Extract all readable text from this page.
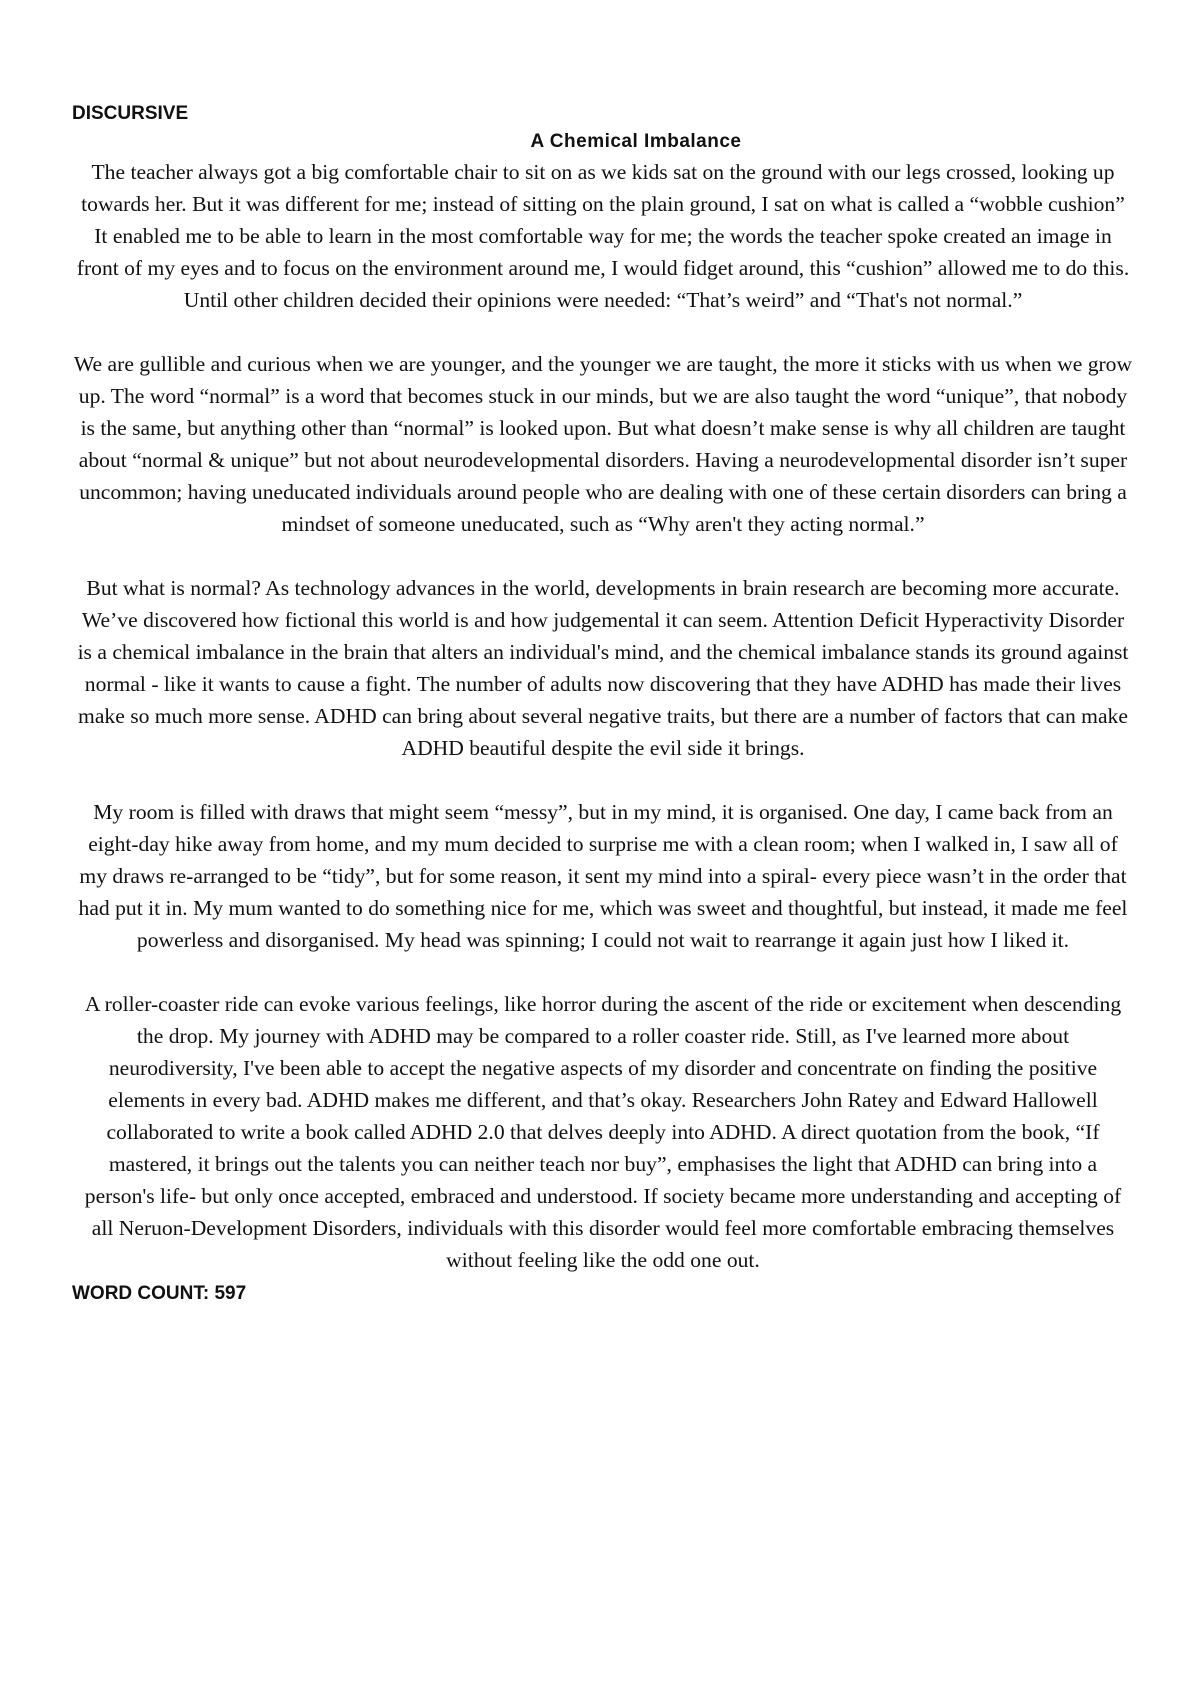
DISCURSIVE

A Chemical Imbalance

The teacher always got a big comfortable chair to sit on as we kids sat on the ground with our legs crossed, looking up towards her. But it was different for me; instead of sitting on the plain ground, I sat on what is called a “wobble cushion” It enabled me to be able to learn in the most comfortable way for me; the words the teacher spoke created an image in front of my eyes and to focus on the environment around me, I would fidget around, this “cushion” allowed me to do this. Until other children decided their opinions were needed: “That’s weird” and “That's not normal.”

We are gullible and curious when we are younger, and the younger we are taught, the more it sticks with us when we grow up. The word “normal” is a word that becomes stuck in our minds, but we are also taught the word “unique”, that nobody is the same, but anything other than “normal” is looked upon. But what doesn’t make sense is why all children are taught about “normal & unique” but not about neurodevelopmental disorders. Having a neurodevelopmental disorder isn’t super uncommon; having uneducated individuals around people who are dealing with one of these certain disorders can bring a mindset of someone uneducated, such as “Why aren't they acting normal.”

But what is normal? As technology advances in the world, developments in brain research are becoming more accurate. We’ve discovered how fictional this world is and how judgemental it can seem. Attention Deficit Hyperactivity Disorder is a chemical imbalance in the brain that alters an individual's mind, and the chemical imbalance stands its ground against normal - like it wants to cause a fight. The number of adults now discovering that they have ADHD has made their lives make so much more sense. ADHD can bring about several negative traits, but there are a number of factors that can make ADHD beautiful despite the evil side it brings.

My room is filled with draws that might seem “messy”, but in my mind, it is organised. One day, I came back from an eight-day hike away from home, and my mum decided to surprise me with a clean room; when I walked in, I saw all of my draws re-arranged to be “tidy”, but for some reason, it sent my mind into a spiral- every piece wasn’t in the order that had put it in. My mum wanted to do something nice for me, which was sweet and thoughtful, but instead, it made me feel powerless and disorganised. My head was spinning; I could not wait to rearrange it again just how I liked it.

A roller-coaster ride can evoke various feelings, like horror during the ascent of the ride or excitement when descending the drop. My journey with ADHD may be compared to a roller coaster ride. Still, as I've learned more about neurodiversity, I've been able to accept the negative aspects of my disorder and concentrate on finding the positive elements in every bad. ADHD makes me different, and that’s okay. Researchers John Ratey and Edward Hallowell collaborated to write a book called ADHD 2.0 that delves deeply into ADHD. A direct quotation from the book, “If mastered, it brings out the talents you can neither teach nor buy”, emphasises the light that ADHD can bring into a person's life- but only once accepted, embraced and understood. If society became more understanding and accepting of all Neruon-Development Disorders, individuals with this disorder would feel more comfortable embracing themselves without feeling like the odd one out.

WORD COUNT: 597
